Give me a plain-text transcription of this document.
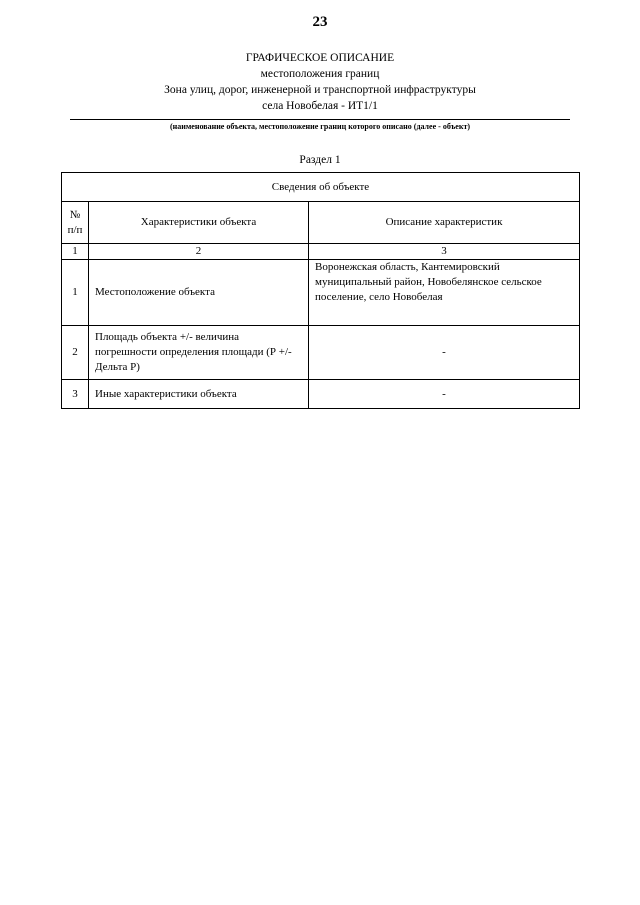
23
ГРАФИЧЕСКОЕ ОПИСАНИЕ
местоположения границ
Зона улиц, дорог, инженерной и транспортной инфраструктуры
села Новобелая - ИТ1/1
(наименование объекта, местоположение границ которого описано (далее - объект)
Раздел 1
Сведения об объекте		
№ п/п	Характеристики объекта	Описание характеристик
1	2	3
1	Местоположение объекта	Воронежская область, Кантемировский муниципальный район, Новобелянское сельское поселение, село Новобелая
2	Площадь объекта +/- величина погрешности определения площади (Р +/- Дельта Р)	-
3	Иные характеристики объекта	-
